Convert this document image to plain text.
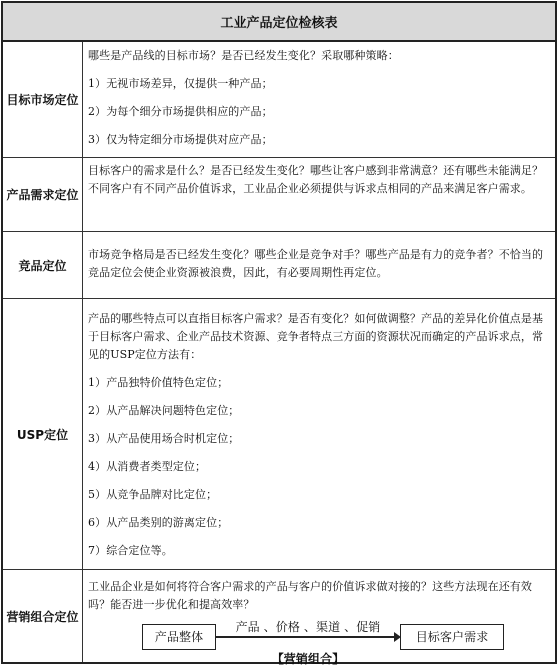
工业产品定位检核表
目标市场定位

哪些是产品线的目标市场？是否已经发生变化？采取哪种策略：

1）无视市场差异，仅提供一种产品；

2）为每个细分市场提供相应的产品；

3）仅为特定细分市场提供对应产品；

产品需求定位

目标客户的需求是什么？是否已经发生变化？哪些让客户感到非常满意？还有哪些未能满足？不同客户有不同产品价值诉求，工业品企业必须提供与诉求点相同的产品来满足客户需求。

竞品定位

市场竞争格局是否已经发生变化？哪些企业是竞争对手？哪些产品是有力的竞争者？不恰当的竞品定位会使企业资源被浪费，因此，有必要周期性再定位。

USP定位

产品的哪些特点可以直指目标客户需求？是否有变化？如何做调整？产品的差异化价值点是基于目标客户需求、企业产品技术资源、竞争者特点三方面的资源状况而确定的产品诉求点，常见的USP定位方法有：

1）产品独特价值特色定位；

2）从产品解决问题特色定位；

3）从产品使用场合时机定位；

4）从消费者类型定位；

5）从竞争品牌对比定位；

6）从产品类别的游离定位；

7）综合定位等。

营销组合定位

工业品企业是如何将符合客户需求的产品与客户的价值诉求做对接的？这些方法现在还有效吗？能否进一步优化和提高效率？

产品整体
产品 、价格 、渠道 、促销
目标客户需求
【营销组合】
